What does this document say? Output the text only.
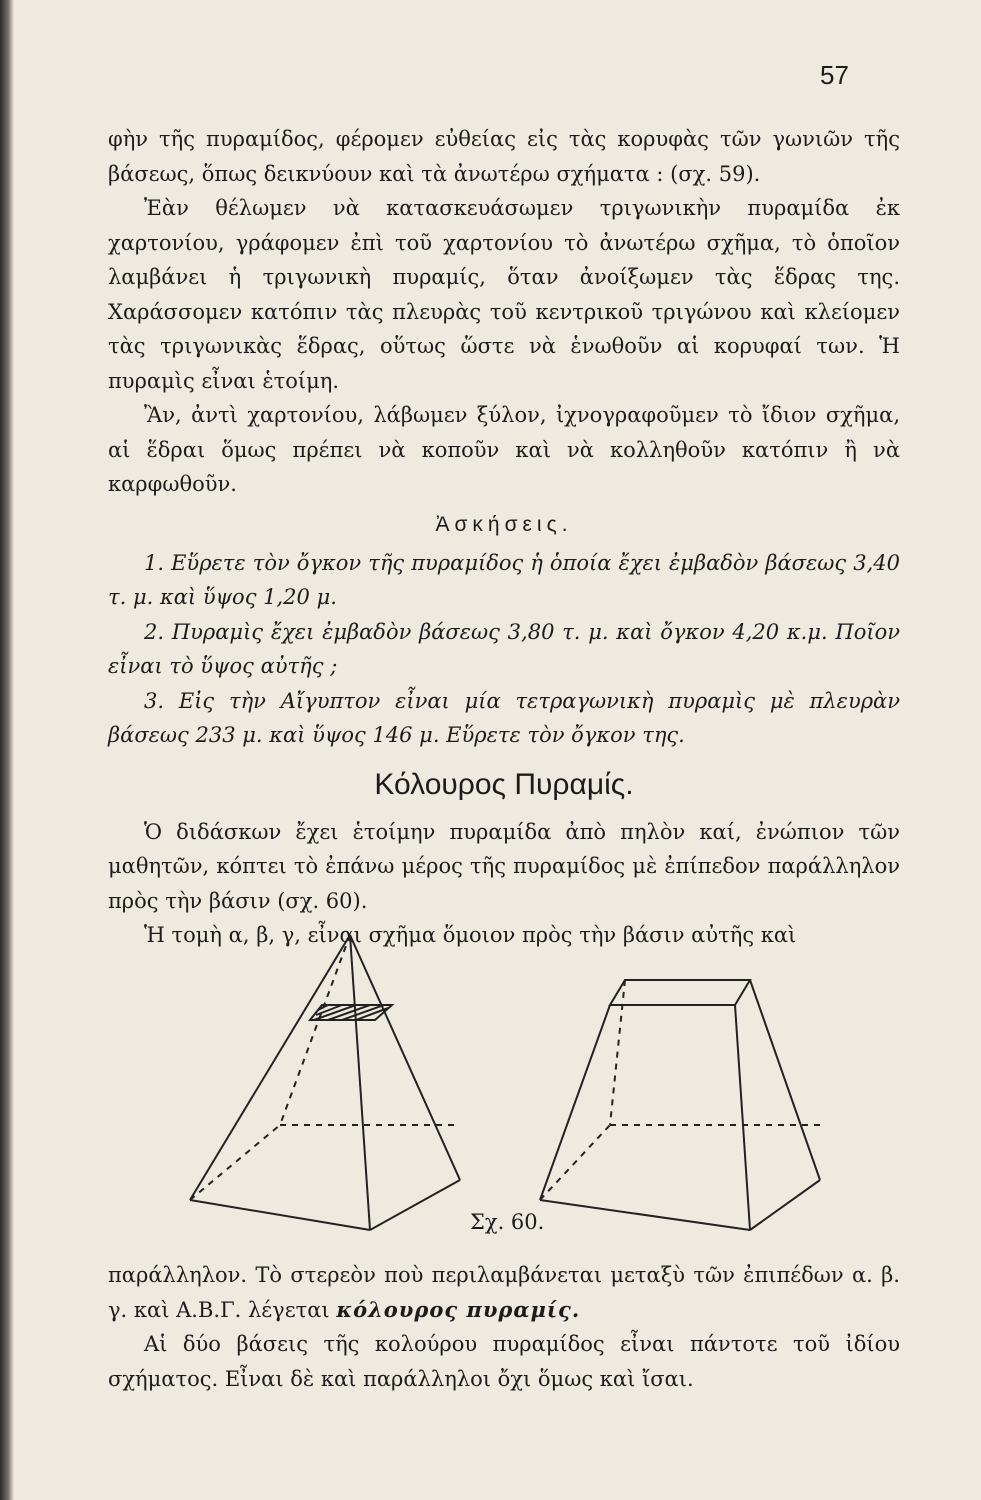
57

φὴν τῆς πυραμίδος, φέρομεν εὐθείας εἰς τὰς κορυφὰς τῶν γωνιῶν τῆς βάσεως, ὅπως δεικνύουν καὶ τὰ ἀνωτέρω σχήματα : (σχ. 59).

Ἐὰν θέλωμεν νὰ κατασκευάσωμεν τριγωνικὴν πυραμίδα ἐκ χαρτονίου, γράφομεν ἐπὶ τοῦ χαρτονίου τὸ ἀνωτέρω σχῆμα, τὸ ὁποῖον λαμβάνει ἡ τριγωνικὴ πυραμίς, ὅταν ἀνοίξωμεν τὰς ἕδρας της. Χαράσσομεν κατόπιν τὰς πλευρὰς τοῦ κεντρικοῦ τριγώνου καὶ κλείομεν τὰς τριγωνικὰς ἕδρας, οὕτως ὥστε νὰ ἑνωθοῦν αἱ κορυφαί των. Ἡ πυραμὶς εἶναι ἑτοίμη.

Ἂν, ἀντὶ χαρτονίου, λάβωμεν ξύλον, ἰχνογραφοῦμεν τὸ ἴδιον σχῆμα, αἱ ἕδραι ὅμως πρέπει νὰ κοποῦν καὶ νὰ κολληθοῦν κατόπιν ἢ νὰ καρφωθοῦν.

Ἀσκήσεις.

1. Εὕρετε τὸν ὄγκον τῆς πυραμίδος ἡ ὁποία ἔχει ἐμβαδὸν βάσεως 3,40 τ. μ. καὶ ὕψος 1,20 μ.

2. Πυραμὶς ἔχει ἐμβαδὸν βάσεως 3,80 τ. μ. καὶ ὄγκον 4,20 κ.μ. Ποῖον εἶναι τὸ ὕψος αὐτῆς ;

3. Εἰς τὴν Αἴγυπτον εἶναι μία τετραγωνικὴ πυραμὶς μὲ πλευρὰν βάσεως 233 μ. καὶ ὕψος 146 μ. Εὕρετε τὸν ὄγκον της.

Κόλουρος Πυραμίς.

Ὁ διδάσκων ἔχει ἑτοίμην πυραμίδα ἀπὸ πηλὸν καί, ἐνώπιον τῶν μαθητῶν, κόπτει τὸ ἐπάνω μέρος τῆς πυραμίδος μὲ ἐπίπεδον παράλληλον πρὸς τὴν βάσιν (σχ. 60).

Ἡ τομὴ α, β, γ, εἶναι σχῆμα ὅμοιον πρὸς τὴν βάσιν αὐτῆς καὶ

Σχ. 60.

παράλληλον. Τὸ στερεὸν ποὺ περιλαμβάνεται μεταξὺ τῶν ἐπιπέδων α. β. γ. καὶ Α.Β.Γ. λέγεται κόλουρος πυραμίς.

Αἱ δύο βάσεις τῆς κολούρου πυραμίδος εἶναι πάντοτε τοῦ ἰδίου σχήματος. Εἶναι δὲ καὶ παράλληλοι ὄχι ὅμως καὶ ἴσαι.
